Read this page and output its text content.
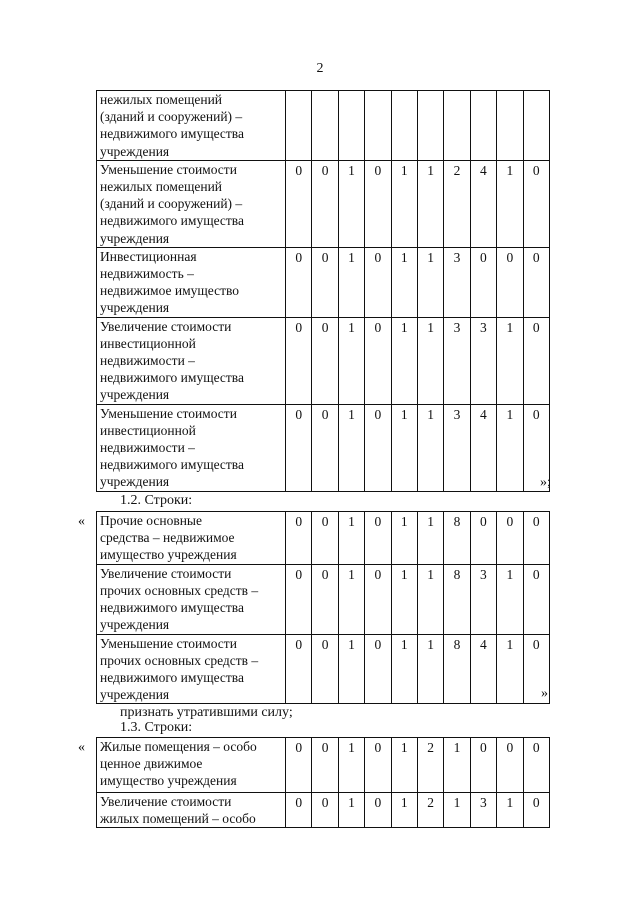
2
нежилых помещений
(зданий и сооружений) –
недвижимого имущества
учреждения										

Уменьшение стоимости
нежилых помещений
(зданий и сооружений) –
недвижимого имущества
учреждения	0	0	1	0	1	1	2	4	1	0

Инвестиционная
недвижимость –
недвижимое имущество
учреждения	0	0	1	0	1	1	3	0	0	0

Увеличение стоимости
инвестиционной
недвижимости –
недвижимого имущества
учреждения	0	0	1	0	1	1	3	3	1	0

Уменьшение стоимости
инвестиционной
недвижимости –
недвижимого имущества
учреждения	0	0	1	0	1	1	3	4	1	0
»;
1.2. Строки:
« Прочие основные
средства – недвижимое
имущество учреждения	0	0	1	0	1	1	8	0	0	0

Увеличение стоимости
прочих основных средств –
недвижимого имущества
учреждения	0	0	1	0	1	1	8	3	1	0

Уменьшение стоимости
прочих основных средств –
недвижимого имущества
учреждения	0	0	1	0	1	1	8	4	1	0
»
признать утратившими силу;
1.3. Строки:
« Жилые помещения – особо
ценное движимое
имущество учреждения	0	0	1	0	1	2	1	0	0	0

Увеличение стоимости
жилых помещений – особо	0	0	1	0	1	2	1	3	1	0
